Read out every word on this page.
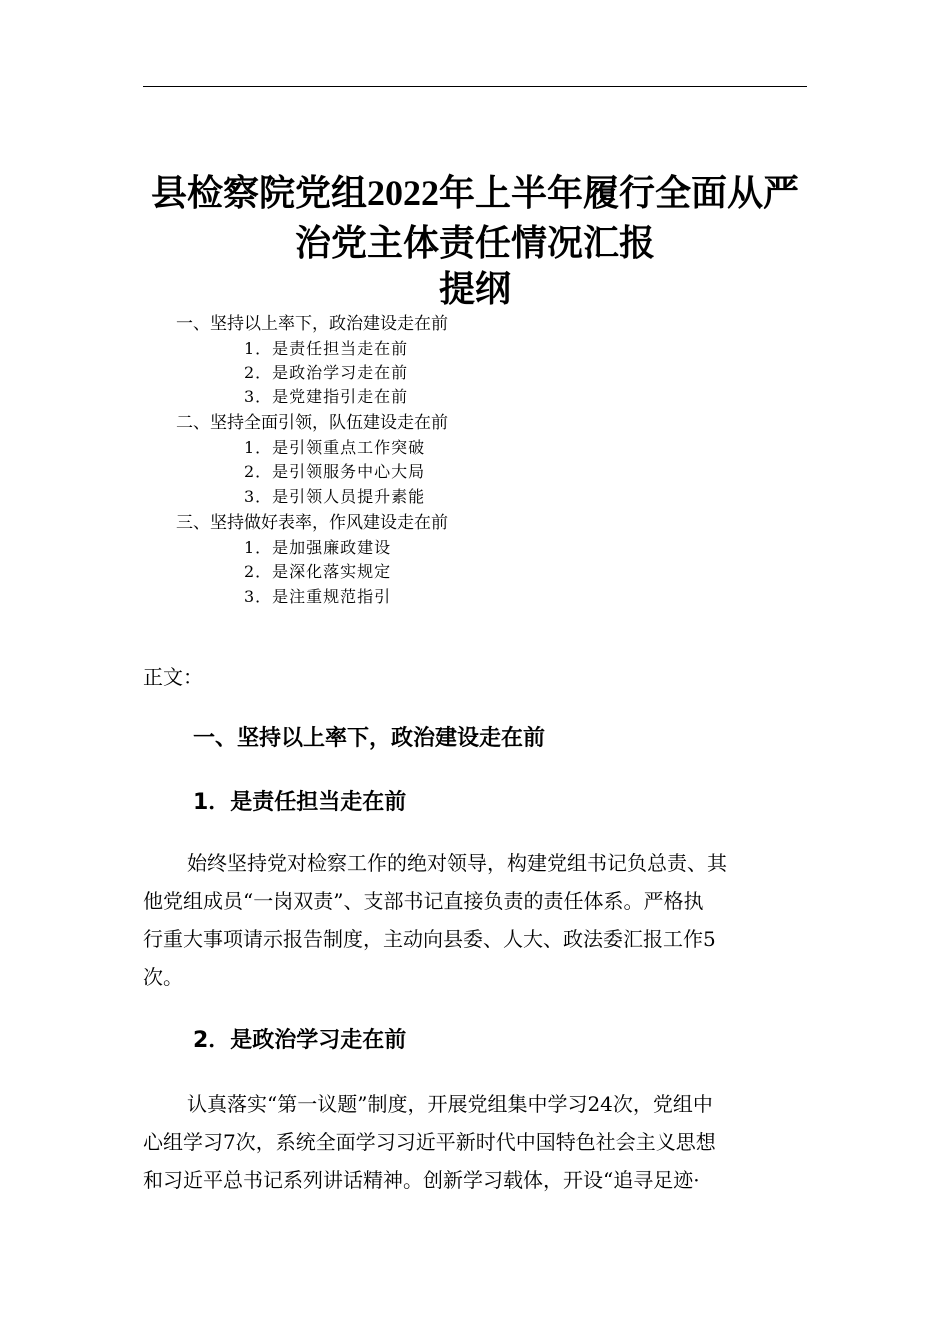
县检察院党组2022年上半年履行全面从严
治党主体责任情况汇报
提纲
一、坚持以上率下，政治建设走在前
1．是责任担当走在前
2．是政治学习走在前
3．是党建指引走在前
二、坚持全面引领，队伍建设走在前
1．是引领重点工作突破
2．是引领服务中心大局
3．是引领人员提升素能
三、坚持做好表率，作风建设走在前
1．是加强廉政建设
2．是深化落实规定
3．是注重规范指引
正文：
一、坚持以上率下，政治建设走在前
1．是责任担当走在前
始终坚持党对检察工作的绝对领导，构建党组书记负总责、其
他党组成员“一岗双责”、支部书记直接负责的责任体系。严格执
行重大事项请示报告制度，主动向县委、人大、政法委汇报工作5
次。
2．是政治学习走在前
认真落实“第一议题”制度，开展党组集中学习24次，党组中
心组学习7次，系统全面学习习近平新时代中国特色社会主义思想
和习近平总书记系列讲话精神。创新学习载体，开设“追寻足迹·
